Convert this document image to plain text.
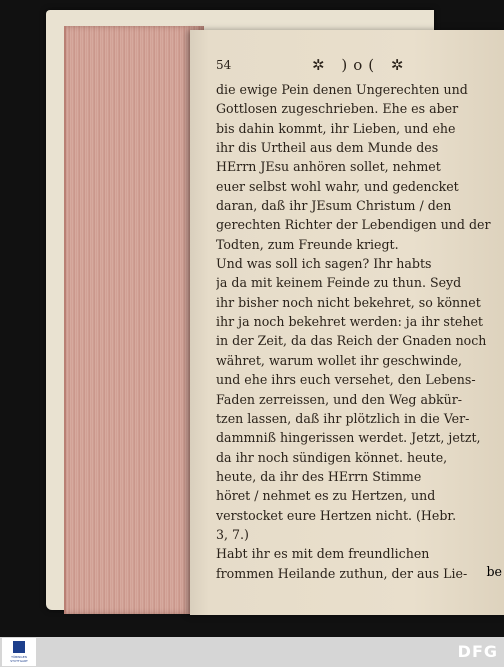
54	✲ )o( ✲
die ewige Pein denen Ungerechten und
Gottlosen zugeschrieben. Ehe es aber
bis dahin kommt, ihr Lieben, und ehe
ihr dis Urtheil aus dem Munde des
HErrn JEsu anhören sollet, nehmet
euer selbst wohl wahr, und gedencket
daran, daß ihr JEsum Christum / den
gerechten Richter der Lebendigen und der
Todten, zum Freunde kriegt.
Und was soll ich sagen? Ihr habts
ja da mit keinem Feinde zu thun. Seyd
ihr bisher noch nicht bekehret, so könnet
ihr ja noch bekehret werden: ja ihr stehet
in der Zeit, da das Reich der Gnaden noch
währet, warum wollet ihr geschwinde,
und ehe ihrs euch versehet, den Lebens-
Faden zerreissen, und den Weg abkür-
tzen lassen, daß ihr plötzlich in die Ver-
dammniß hingerissen werdet. Jetzt, jetzt,
da ihr noch sündigen könnet. heute,
heute, da ihr des HErrn Stimme
höret / nehmet es zu Hertzen, und
verstocket eure Hertzen nicht. (Hebr.
3, 7.)
Habt ihr es mit dem freundlichen
frommen Heilande zuthun, der aus Lie-	be
TÜBINGEN STUTTGART	DFG
